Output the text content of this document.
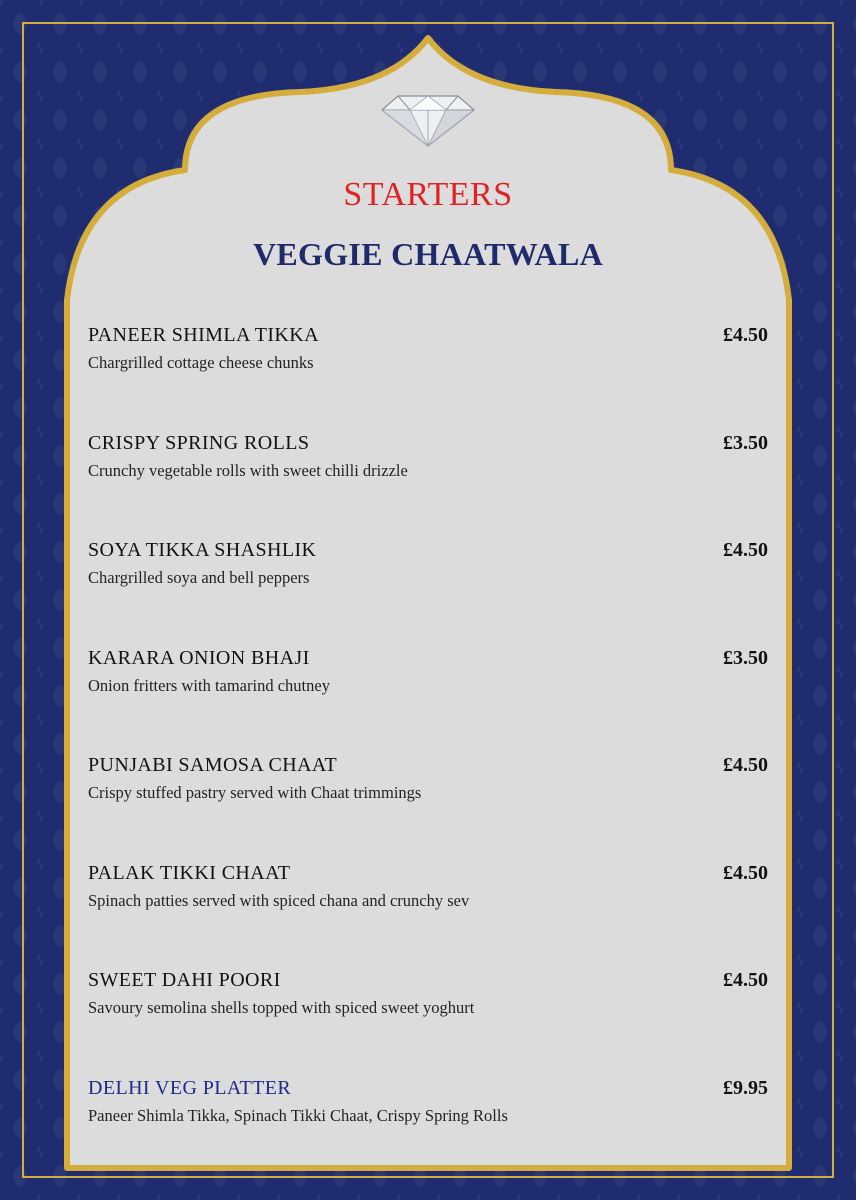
STARTERS
VEGGIE CHAATWALA
PANEER SHIMLA TIKKA	£4.50
Chargrilled cottage cheese chunks
CRISPY SPRING ROLLS	£3.50
Crunchy vegetable rolls with sweet chilli drizzle
SOYA TIKKA SHASHLIK	£4.50
Chargrilled soya and bell peppers
KARARA ONION BHAJI	£3.50
Onion fritters with tamarind chutney
PUNJABI SAMOSA CHAAT	£4.50
Crispy stuffed pastry served with Chaat trimmings
PALAK TIKKI CHAAT	£4.50
Spinach patties served with spiced chana and crunchy sev
SWEET DAHI POORI	£4.50
Savoury semolina shells topped with spiced sweet yoghurt
DELHI VEG PLATTER	£9.95
Paneer Shimla Tikka, Spinach Tikki Chaat, Crispy Spring Rolls
